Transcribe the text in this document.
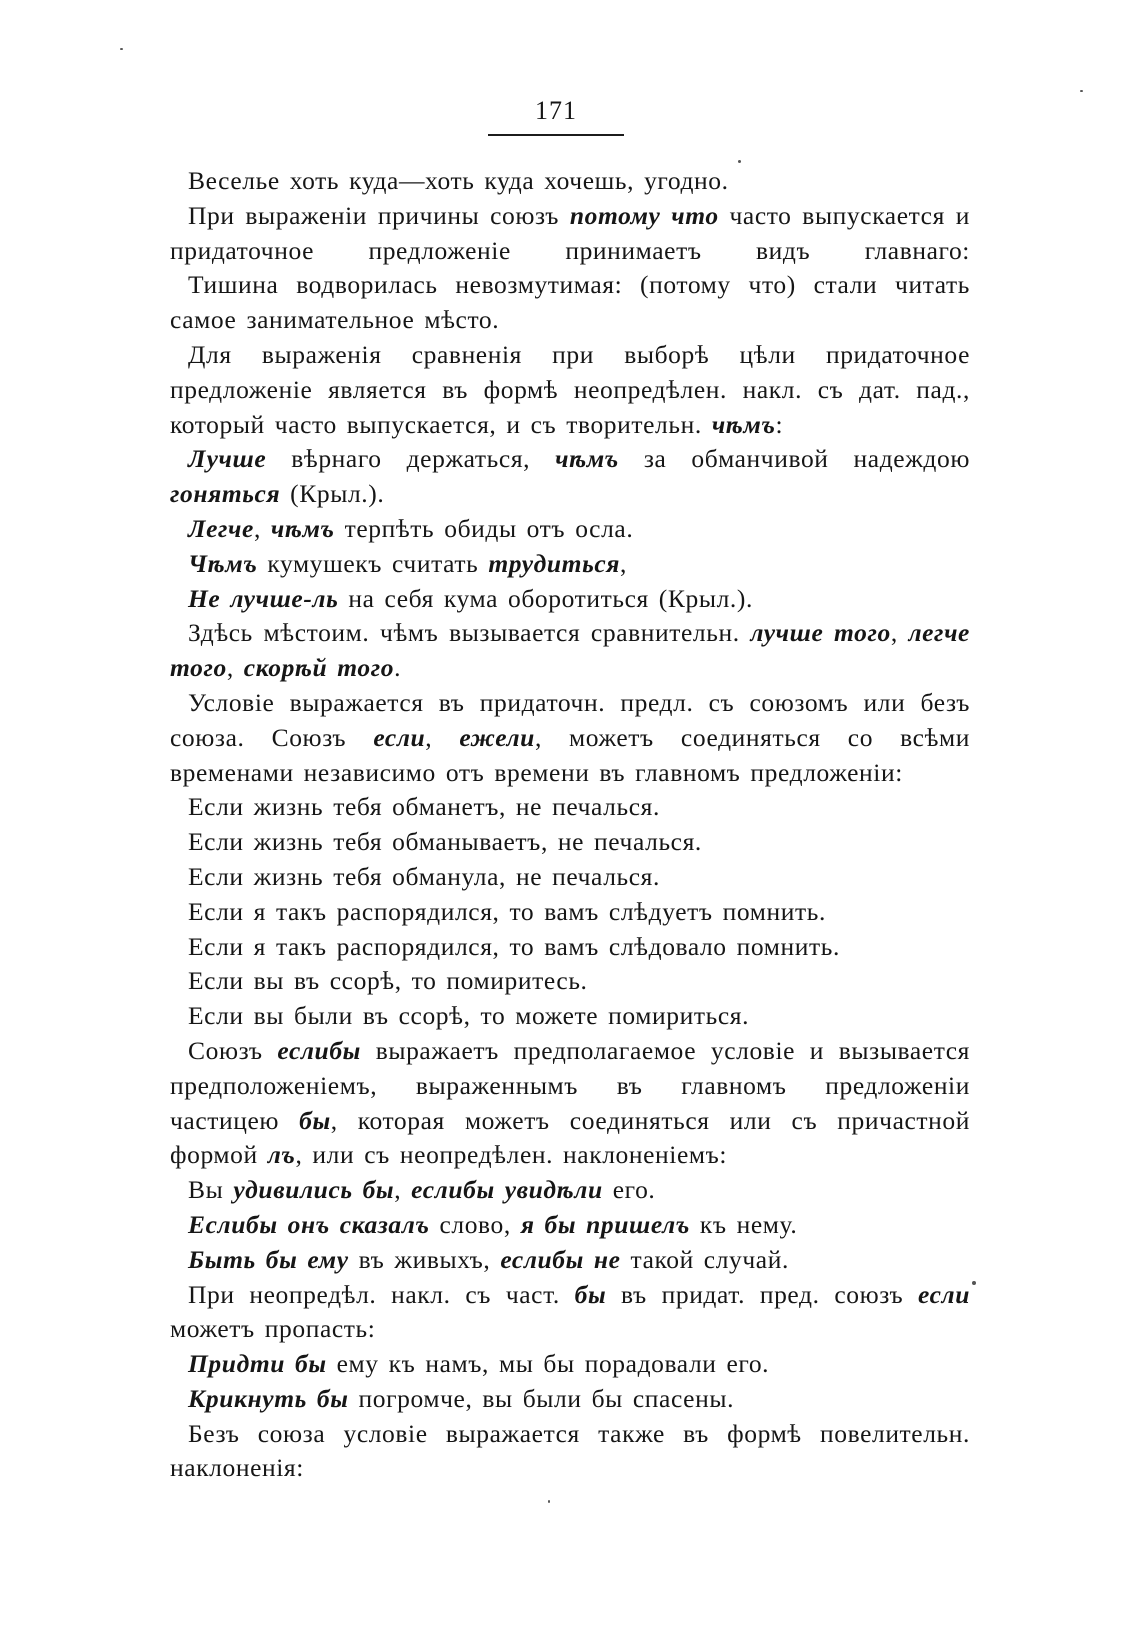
171

Веселье хоть куда—хоть куда хочешь, угодно.

При выраженіи причины союзъ потому что часто выпускается и придаточное предложеніе принимаетъ видъ главнаго:

Тишина водворилась невозмутимая: (потому что) стали читать самое занимательное мѣсто.

Для выраженія сравненія при выборѣ цѣли придаточное предложеніе является въ формѣ неопредѣлен. накл. съ дат. пад., который часто выпускается, и съ творительн. чѣмъ:

Лучше вѣрнаго держаться, чѣмъ за обманчивой надеждою гоняться (Крыл.).

Легче, чѣмъ терпѣть обиды отъ осла.

Чѣмъ кумушекъ считать трудиться,

Не лучше-ль на себя кума оборотиться (Крыл.).

Здѣсь мѣстоим. чѣмъ вызывается сравнительн. лучше того, легче того, скорѣй того.

Условіе выражается въ придаточн. предл. съ союзомъ или безъ союза. Союзъ если, ежели, можетъ соединяться со всѣми временами независимо отъ времени въ главномъ предложеніи:

Если жизнь тебя обманетъ, не печалься.

Если жизнь тебя обманываетъ, не печалься.

Если жизнь тебя обманула, не печалься.

Если я такъ распорядился, то вамъ слѣдуетъ помнить.

Если я такъ распорядился, то вамъ слѣдовало помнить.

Если вы въ ссорѣ, то помиритесь.

Если вы были въ ссорѣ, то можете помириться.

Союзъ еслибы выражаетъ предполагаемое условіе и вызывается предположеніемъ, выраженнымъ въ главномъ предложеніи частицею бы, которая можетъ соединяться или съ причастной формой лъ, или съ неопредѣлен. наклоненіемъ:

Вы удивились бы, еслибы увидѣли его.

Еслибы онъ сказалъ слово, я бы пришелъ къ нему.

Быть бы ему въ живыхъ, еслибы не такой случай.

При неопредѣл. накл. съ част. бы въ придат. пред. союзъ если можетъ пропасть:

Придти бы ему къ намъ, мы бы порадовали его.

Крикнуть бы погромче, вы были бы спасены.

Безъ союза условіе выражается также въ формѣ повелительн. наклоненія:
